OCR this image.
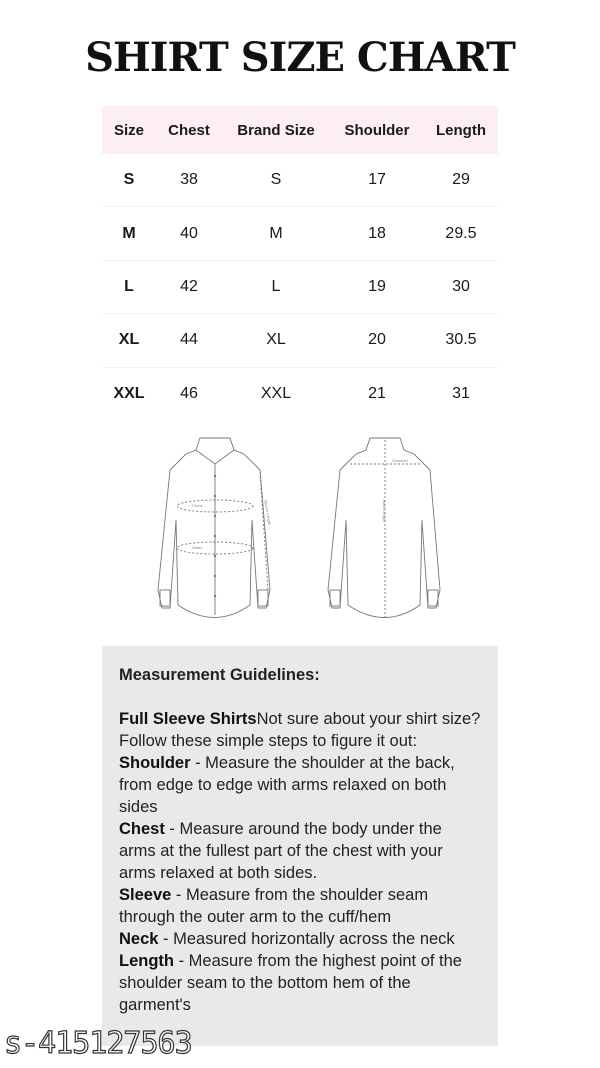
SHIRT SIZE CHART
Size	Chest	Brand Size	Shoulder	Length
S	38	S	17	29
M	40	M	18	29.5
L	42	L	19	30
XL	44	XL	20	30.5
XXL	46	XXL	21	31
Chest
Waist
Sleeve Length
Shoulder
Back Length
Measurement Guidelines:
Full Sleeve ShirtsNot sure about your shirt size? Follow these simple steps to figure it out:
Shoulder - Measure the shoulder at the back, from edge to edge with arms relaxed on both sides
Chest - Measure around the body under the arms at the fullest part of the chest with your arms relaxed at both sides.
Sleeve - Measure from the shoulder seam through the outer arm to the cuff/hem
Neck - Measured horizontally across the neck
Length - Measure from the highest point of the shoulder seam to the bottom hem of the garment's
s-415127563
